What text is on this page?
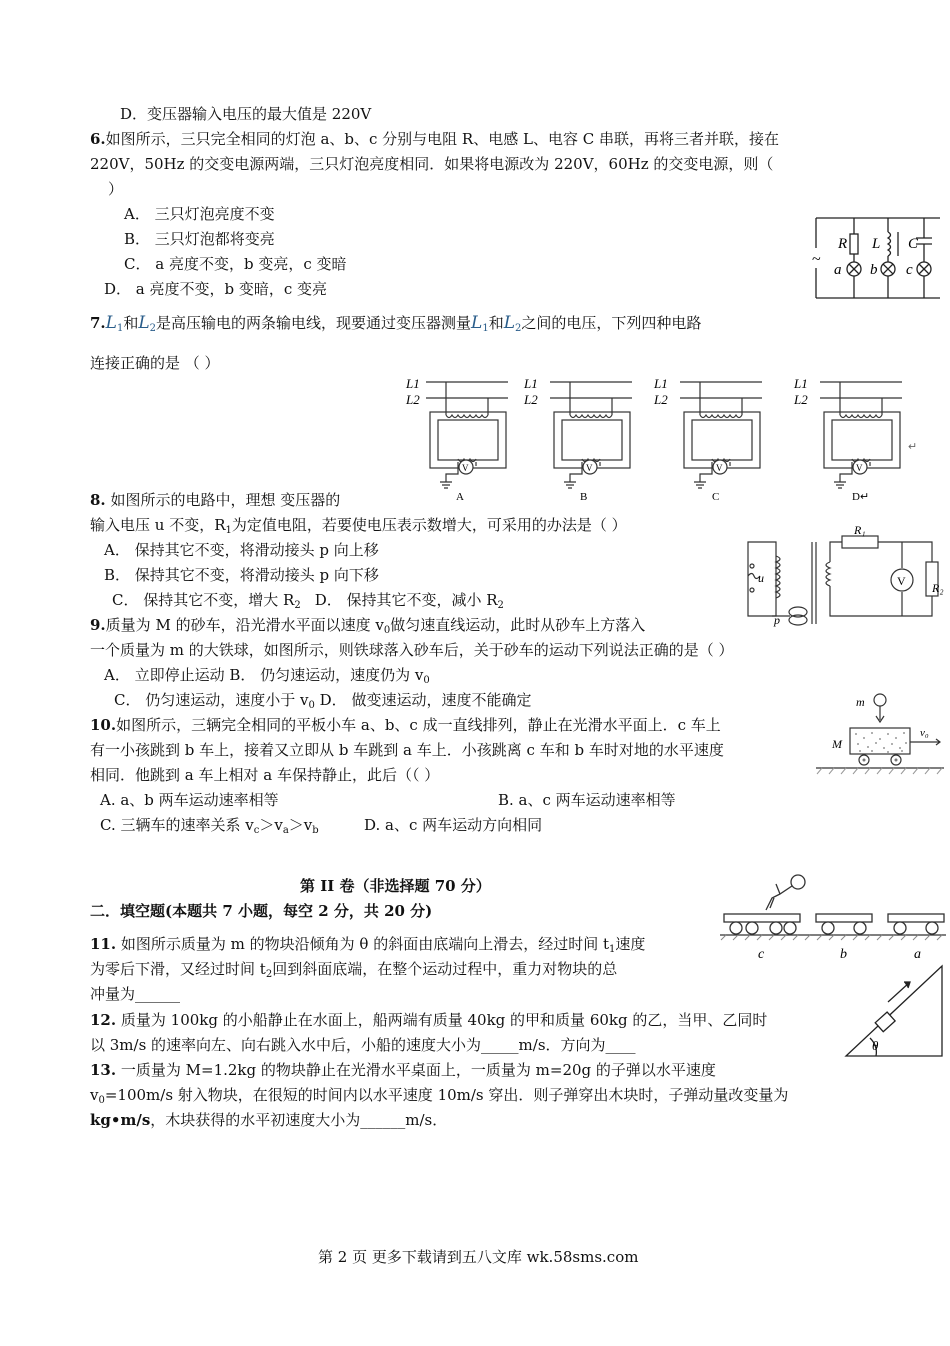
D．变压器输入电压的最大值是 220V
6.如图所示，三只完全相同的灯泡 a、b、c 分别与电阻 R、电感 L、电容 C 串联，再将三者并联，接在
220V，50Hz 的交变电源两端，三只灯泡亮度相同．如果将电源改为 220V，60Hz 的交变电源，则（
）
A． 三只灯泡亮度不变
B． 三只灯泡都将变亮
C． a 亮度不变，b 变亮，c 变暗
D． a 亮度不变，b 变暗，c 变亮
R L C
a b c
~
$7.L_1$和$L_2$是高压输电的两条输电线，现要通过变压器测量$L_1$和$L_2$之间的电压，下列四种电路
连接正确的是 （ ）
L1
L2
V
A
L1
L2
V
B
L1
L2
V
C
L1
L2
V
D↵
↵
8. 如图所示的电路中，理想 变压器的
输入电压 u 不变，$R_1$为定值电阻，若要使电压表示数增大，可采用的办法是（ ）
A． 保持其它不变，将滑动接头 p 向上移
B． 保持其它不变，将滑动接头 p 向下移
C． 保持其它不变，增大 $R_2$ D． 保持其它不变，减小 $R_2$
R₁
R₂
u
p
V
9.质量为 M 的砂车，沿光滑水平面以速度 $v_0$做匀速直线运动，此时从砂车上方落入
一个质量为 m 的大铁球，如图所示，则铁球落入砂车后，关于砂车的运动下列说法正确的是（ ）
A． 立即停止运动 B． 仍匀速运动，速度仍为 $v_0$
C． 仍匀速运动，速度小于 $v_0$ D． 做变速运动，速度不能确定	m
M
v₀
10.如图所示，三辆完全相同的平板小车 a、b、c 成一直线排列，静止在光滑水平面上．c 车上
有一小孩跳到 b 车上，接着又立即从 b 车跳到 a 车上．小孩跳离 c 车和 b 车时对地的水平速度
相同．他跳到 a 车上相对 a 车保持静止，此后（（ ）
A. a、b 两车运动速率相等	B. a、c 两车运动速率相等
C. 三辆车的速率关系 $v_c>v_a>v_b$	D. a、c 两车运动方向相同
第 II 卷（非选择题 70 分）
二．填空题(本题共 7 小题，每空 2 分，共 20 分)
c	b	a
11. 如图所示质量为 m 的物块沿倾角为 θ 的斜面由底端向上滑去，经过时间 $t_1$速度
为零后下滑，又经过时间 $t_2$回到斜面底端，在整个运动过程中，重力对物块的总
冲量为______
θ
12. 质量为 100kg 的小船静止在水面上，船两端有质量 40kg 的甲和质量 60kg 的乙，当甲、乙同时
以 3m/s 的速率向左、向右跳入水中后，小船的速度大小为_____m/s．方向为____
13. 一质量为 M=1.2kg 的物块静止在光滑水平桌面上，一质量为 m=20g 的子弹以水平速度
$v_0=100m/s$ 射入物块，在很短的时间内以水平速度 10m/s 穿出．则子弹穿出木块时，子弹动量改变量为
kg•m/s，木块获得的水平初速度大小为______m/s．
第 2 页 更多下载请到五八文库 wk.58sms.com
